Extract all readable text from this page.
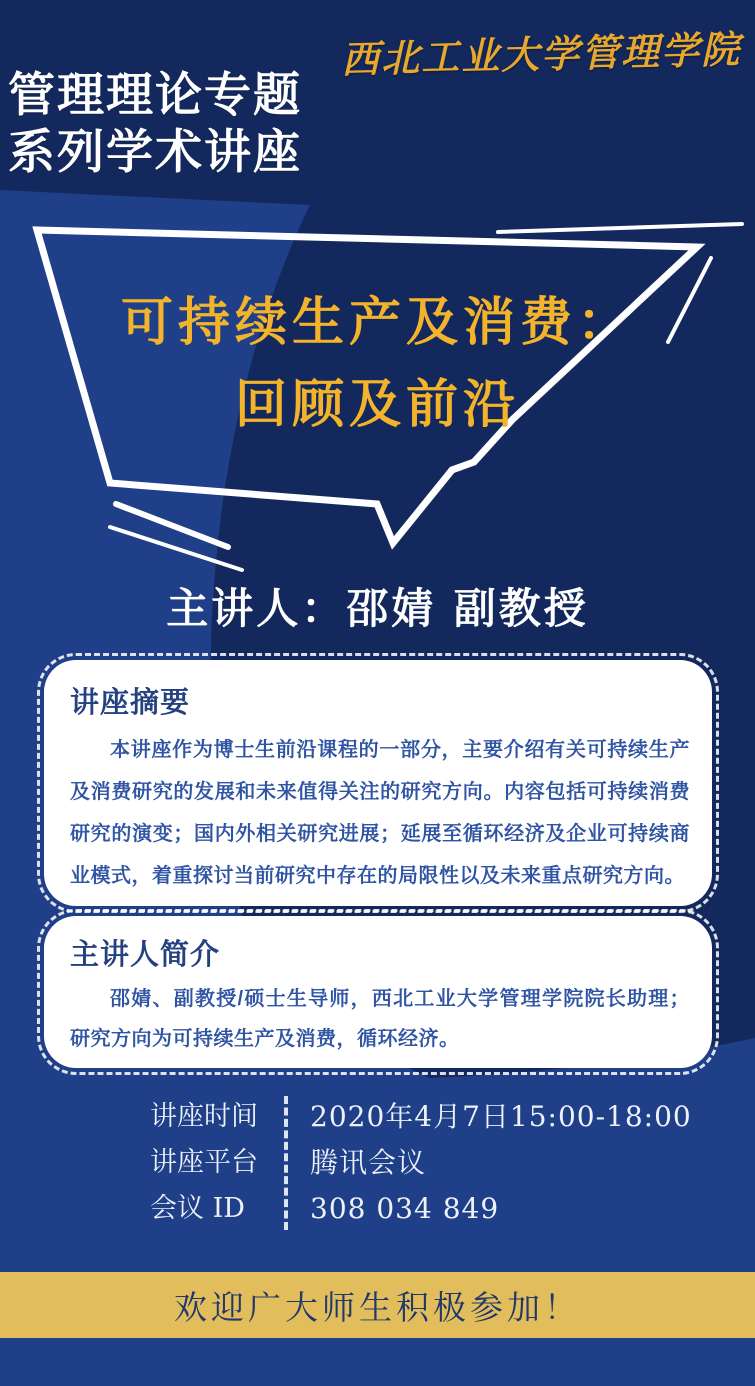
西北工业大学管理学院
管理理论专题
系列学术讲座
可持续生产及消费：
回顾及前沿
主讲人：邵婧 副教授
讲座摘要

本讲座作为博士生前沿课程的一部分，主要介绍有关可持续生产及消费研究的发展和未来值得关注的研究方向。内容包括可持续消费研究的演变；国内外相关研究进展；延展至循环经济及企业可持续商业模式，着重探讨当前研究中存在的局限性以及未来重点研究方向。

主讲人简介

邵婧、副教授/硕士生导师，西北工业大学管理学院院长助理；研究方向为可持续生产及消费，循环经济。

讲座时间
讲座平台
会议 ID
2020年4月7日15:00-18:00
腾讯会议
308 034 849
欢迎广大师生积极参加！
